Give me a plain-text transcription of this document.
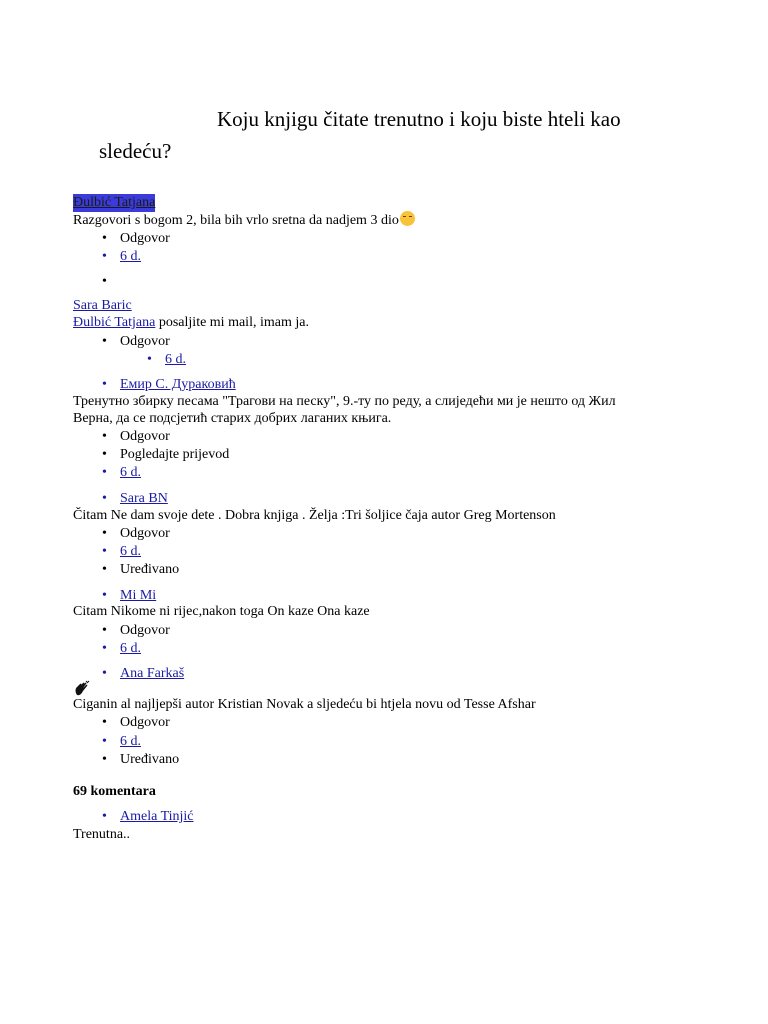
Koju knjigu čitate trenutno i koju biste hteli kao
sledeću?
Đulbić Tatjana
Razgovori s bogom 2, bila bih vrlo sretna da nadjem 3 dio
• Odgovor
• 6 d.
Sara Baric
Đulbić Tatjana posaljite mi mail, imam ja.
• Odgovor
• 6 d.
• Емир С. Дураковић
Тренутно збирку песама "Трагови на песку", 9.-ту по реду, а слиједећи ми је нешто од Жил
Верна, да се подсјетић старих добрих лаганих књига.
• Odgovor
• Pogledajte prijevod
• 6 d.
• Sara BN
Čitam Ne dam svoje dete . Dobra knjiga . Želja :Tri šoljice čaja autor Greg Mortenson
• Odgovor
• 6 d.
• Uređivano
• Mi Mi
Citam Nikome ni rijec,nakon toga On kaze Ona kaze
• Odgovor
• 6 d.
• Ana Farkaš
Ciganin al najljepši autor Kristian Novak a sljedeću bi htjela novu od Tesse Afshar
• Odgovor
• 6 d.
• Uređivano
69 komentara
• Amela Tinjić
Trenutna..
